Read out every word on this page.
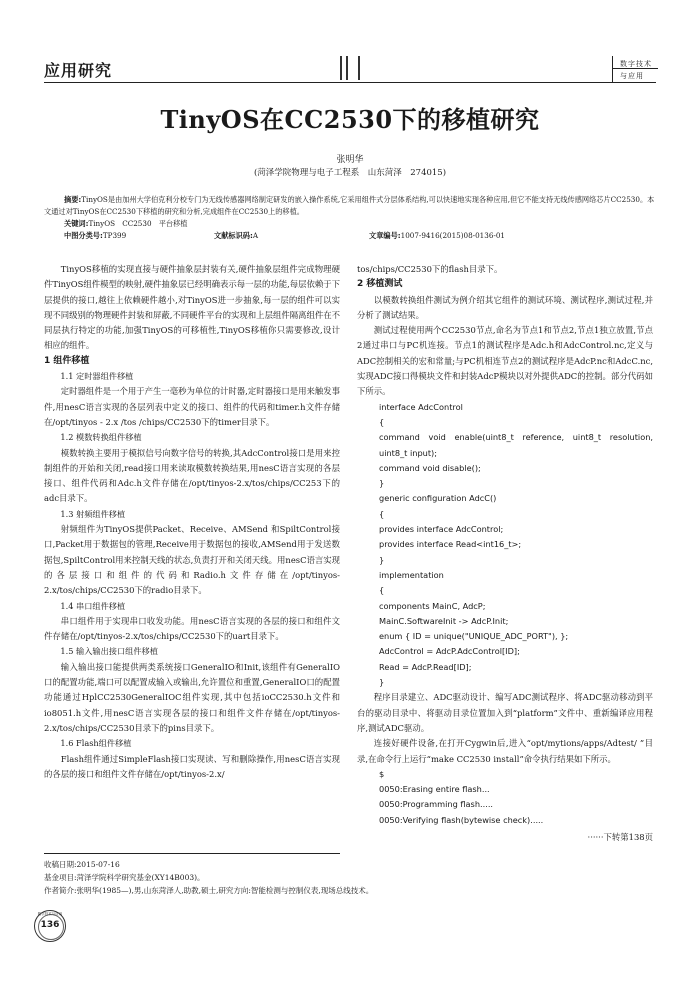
应用研究	数字技术
与应用
TinyOS在CC2530下的移植研究
张明华
(菏泽学院物理与电子工程系　山东菏泽　274015)

摘要:TinyOS是由加州大学伯克利分校专门为无线传感器网络制定研发的嵌入操作系统,它采用组件式分层体系结构,可以快速地实现各种应用,但它不能支持无线传感网络芯片CC2530。本文通过对TinyOS在CC2530下移植的研究和分析,完成组件在CC2530上的移植。

关键词:TinyOS　CC2530　平台移植

中图分类号: TP399	文献标识码: A	文章编号: 1007-9416(2015)08-0136-01

TinyOS移植的实现直接与硬件抽象层封装有关,硬件抽象层组件完成物理硬件TinyOS组件模型的映射,硬件抽象层已经明确表示每一层的功能,每层依赖于下层提供的接口,越往上依赖硬件越小,对TinyOS进一步抽象,每一层的组件可以实现不同级别的物理硬件封装和屏蔽,不同硬件平台的实现和上层组件隔离组件在不同层执行特定的功能,加强TinyOS的可移植性,TinyOS移植你只需要修改,设计相应的组件。

1 组件移植

1.1 定时器组件移植

定时器组件是一个用于产生一毫秒为单位的计时器,定时器接口是用来触发事件,用nesC语言实现的各层列表中定义的接口、组件的代码和timer.h文件存储在/opt/tinyos - 2.x /tos /chips/CC2530下的timer目录下。

1.2 模数转换组件移植

模数转换主要用于模拟信号向数字信号的转换,其AdcControl接口是用来控制组件的开始和关闭,read接口用来读取模数转换结果,用nesC语言实现的各层接口、组件代码和Adc.h文件存储在/opt/tinyos-2.x/tos/chips/CC253下的adc目录下。

1.3 射频组件移植

射频组件为TinyOS提供Packet、Receive、AMSend 和SpiltControl接口,Packet用于数据包的管理,Receive用于数据包的接收,AMSend用于发送数据包,SpiltControl用来控制天线的状态,负责打开和关闭天线。用nesC语言实现的各层接口和组件的代码和Radio.h文件存储在/opt/tinyos-2.x/tos/chips/CC2530下的radio目录下。

1.4 串口组件移植

串口组件用于实现串口收发功能。用nesC语言实现的各层的接口和组件文件存储在/opt/tinyos-2.x/tos/chips/CC2530下的uart目录下。

1.5 输入输出接口组件移植

输入输出接口能提供两类系统接口GeneralIO和Init,该组件有GeneralIO口的配置功能,端口可以配置成输入或输出,允许置位和重置,GeneralIO口的配置功能通过HplCC2530GeneralIOC组件实现,其中包括ioCC2530.h文件和io8051.h文件,用nesC语言实现各层的接口和组件文件存储在/opt/tinyos-2.x/tos/chips/CC2530目录下的pins目录下。

1.6 Flash组件移植

Flash组件通过SimpleFlash接口实现读、写和删除操作,用nesC语言实现的各层的接口和组件文件存储在/opt/tinyos-2.x/

tos/chips/CC2530下的flash目录下。

2 移植测试

以模数转换组件测试为例介绍其它组件的测试环境、测试程序,测试过程,并分析了测试结果。

测试过程使用两个CC2530节点,命名为节点1和节点2,节点1独立放置,节点2通过串口与PC机连接。节点1的测试程序是Adc.h和AdcControl.nc,定义与ADC控制相关的宏和常量;与PC机相连节点2的测试程序是AdcP.nc和AdcC.nc,实现ADC接口得模块文件和封装AdcP模块以对外提供ADC的控制。部分代码如下所示。

interface AdcControl

{

command void enable(uint8_t reference, uint8_t resolution, uint8_t input);

command void disable();

}

generic configuration AdcC()

{

provides interface AdcControl;

provides interface Read<int16_t>;

}

implementation

{

components MainC, AdcP;

MainC.SoftwareInit -> AdcP.Init;

enum { ID = unique("UNIQUE_ADC_PORT"), };

AdcControl = AdcP.AdcControl[ID];

Read = AdcP.Read[ID];

}

程序目录建立、ADC驱动设计、编写ADC测试程序、将ADC驱动移动到平台的驱动目录中、将驱动目录位置加入到“platform”文件中、重新编译应用程序,测试ADC驱动。

连接好硬件设备,在打开Cygwin后,进入“opt/mytions/apps/Adtest/ ”目录,在命令行上运行“make CC2530 install”命令执行结果如下所示。

$

0050:Erasing entire flash...

0050:Programming flash.....

0050:Verifying flash(bytewise check).....

······下转第138页

收稿日期:2015-07-16

基金项目:菏泽学院科学研究基金(XY14B003)。

作者简介:张明华(1985—),男,山东菏泽人,助教,硕士,研究方向:智能检测与控制仪表,现场总线技术。

数字技术与应用
136
